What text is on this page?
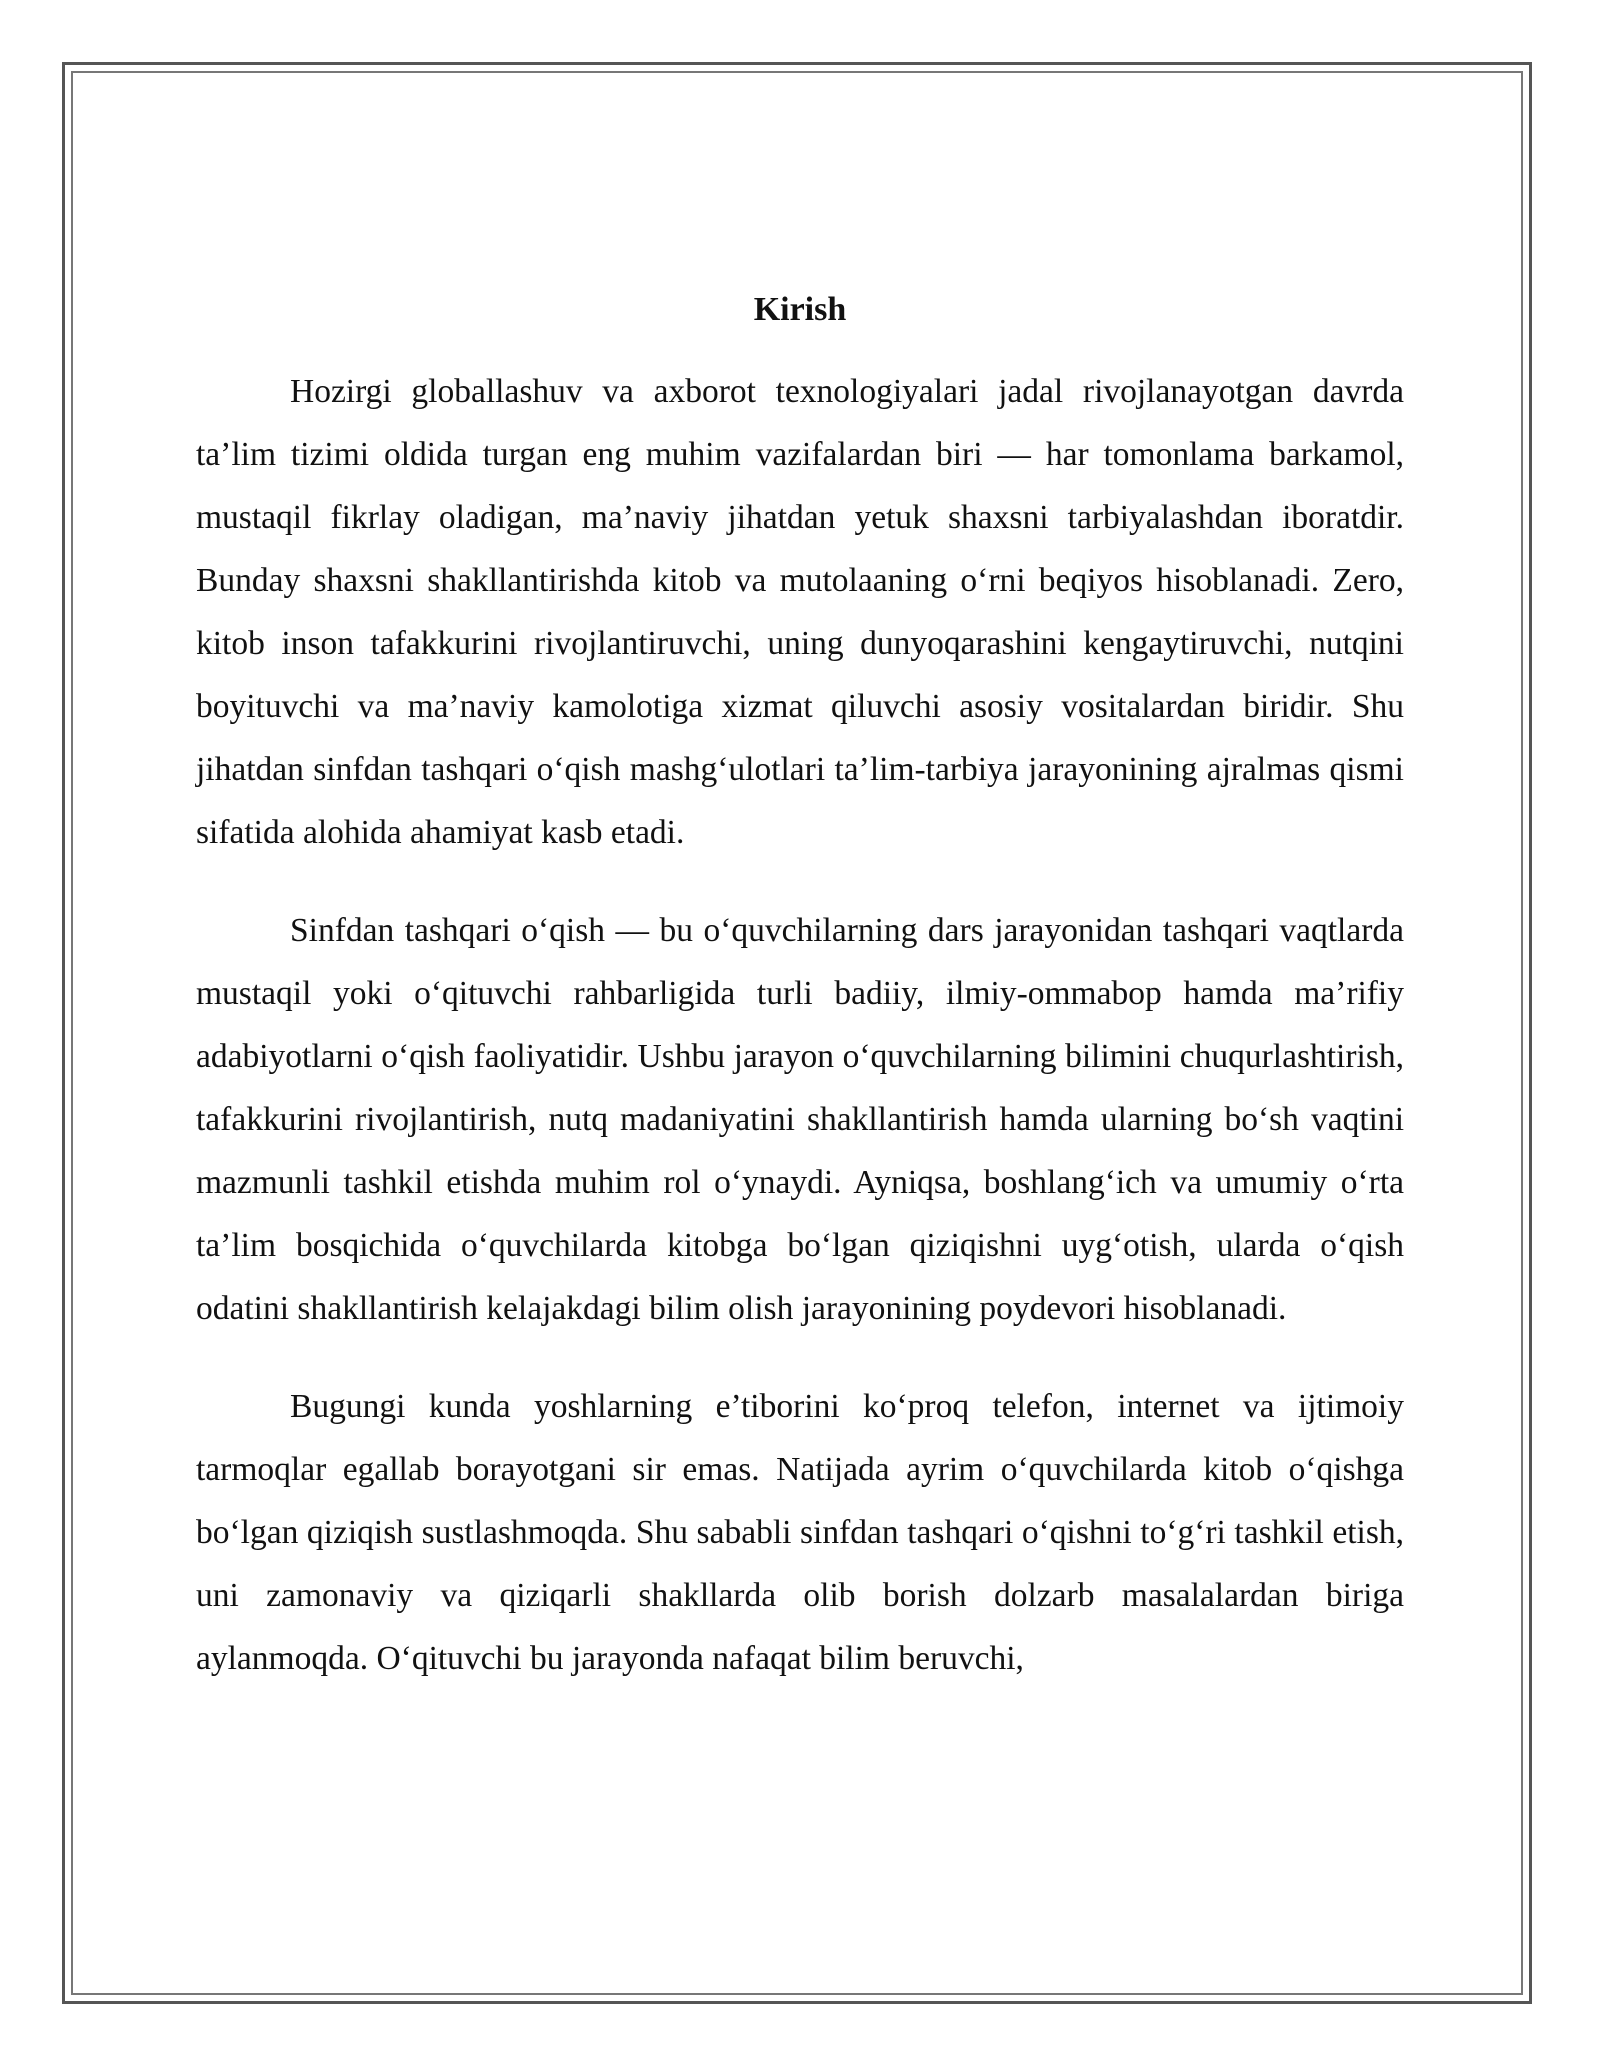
Kirish

Hozirgi globallashuv va axborot texnologiyalari jadal rivojlanayotgan davrda ta’lim tizimi oldida turgan eng muhim vazifalardan biri — har tomonlama barkamol, mustaqil fikrlay oladigan, ma’naviy jihatdan yetuk shaxsni tarbiyalashdan iboratdir. Bunday shaxsni shakllantirishda kitob va mutolaaning o‘rni beqiyos hisoblanadi. Zero, kitob inson tafakkurini rivojlantiruvchi, uning dunyoqarashini kengaytiruvchi, nutqini boyituvchi va ma’naviy kamolotiga xizmat qiluvchi asosiy vositalardan biridir. Shu jihatdan sinfdan tashqari o‘qish mashg‘ulotlari ta’lim-tarbiya jarayonining ajralmas qismi sifatida alohida ahamiyat kasb etadi.

Sinfdan tashqari o‘qish — bu o‘quvchilarning dars jarayonidan tashqari vaqtlarda mustaqil yoki o‘qituvchi rahbarligida turli badiiy, ilmiy-ommabop hamda ma’rifiy adabiyotlarni o‘qish faoliyatidir. Ushbu jarayon o‘quvchilarning bilimini chuqurlashtirish, tafakkurini rivojlantirish, nutq madaniyatini shakllantirish hamda ularning bo‘sh vaqtini mazmunli tashkil etishda muhim rol o‘ynaydi. Ayniqsa, boshlang‘ich va umumiy o‘rta ta’lim bosqichida o‘quvchilarda kitobga bo‘lgan qiziqishni uyg‘otish, ularda o‘qish odatini shakllantirish kelajakdagi bilim olish jarayonining poydevori hisoblanadi.

Bugungi kunda yoshlarning e’tiborini ko‘proq telefon, internet va ijtimoiy tarmoqlar egallab borayotgani sir emas. Natijada ayrim o‘quvchilarda kitob o‘qishga bo‘lgan qiziqish sustlashmoqda. Shu sababli sinfdan tashqari o‘qishni to‘g‘ri tashkil etish, uni zamonaviy va qiziqarli shakllarda olib borish dolzarb masalalardan biriga aylanmoqda. O‘qituvchi bu jarayonda nafaqat bilim beruvchi,
